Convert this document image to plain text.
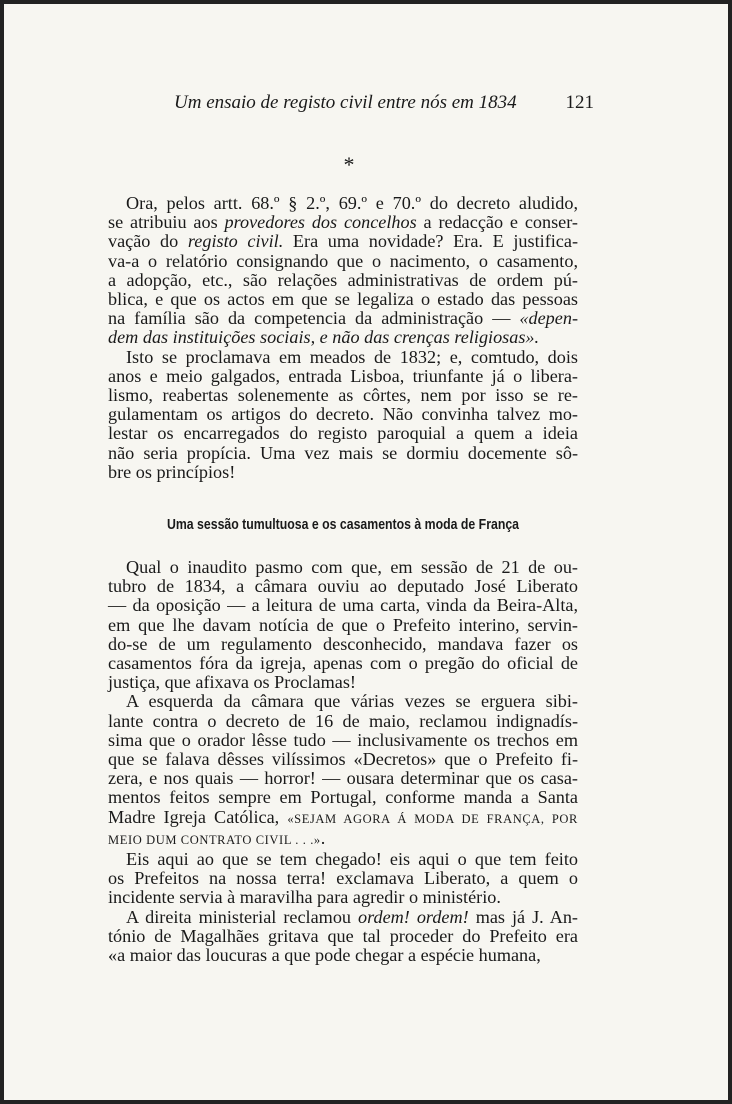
Um ensaio de registo civil entre nós em 1834	121
*
Ora, pelos artt. 68.º § 2.º, 69.º e 70.º do decreto aludido,
se atribuiu aos provedores dos concelhos a redacção e conser-
vação do registo civil. Era uma novidade? Era. E justifica-
va-a o relatório consignando que o nacimento, o casamento,
a adopção, etc., são relações administrativas de ordem pú-
blica, e que os actos em que se legaliza o estado das pessoas
na família são da competencia da administração — «depen-
dem das instituições sociais, e não das crenças religiosas».
Isto se proclamava em meados de 1832; e, comtudo, dois
anos e meio galgados, entrada Lisboa, triunfante já o libera-
lismo, reabertas solenemente as côrtes, nem por isso se re-
gulamentam os artigos do decreto. Não convinha talvez mo-
lestar os encarregados do registo paroquial a quem a ideia
não seria propícia. Uma vez mais se dormiu docemente sô-
bre os princípios!
Uma sessão tumultuosa e os casamentos à moda de França
Qual o inaudito pasmo com que, em sessão de 21 de ou-
tubro de 1834, a câmara ouviu ao deputado José Liberato
— da oposição — a leitura de uma carta, vinda da Beira-Alta,
em que lhe davam notícia de que o Prefeito interino, servin-
do-se de um regulamento desconhecido, mandava fazer os
casamentos fóra da igreja, apenas com o pregão do oficial de
justiça, que afixava os Proclamas!
A esquerda da câmara que várias vezes se erguera sibi-
lante contra o decreto de 16 de maio, reclamou indignadís-
sima que o orador lêsse tudo — inclusivamente os trechos em
que se falava dêsses vilíssimos «Decretos» que o Prefeito fi-
zera, e nos quais — horror! — ousara determinar que os casa-
mentos feitos sempre em Portugal, conforme manda a Santa
Madre Igreja Católica, «SEJAM AGORA Á MODA DE FRANÇA, POR
MEIO DUM CONTRATO CIVIL . . .».
Eis aqui ao que se tem chegado! eis aqui o que tem feito
os Prefeitos na nossa terra! exclamava Liberato, a quem o
incidente servia à maravilha para agredir o ministério.
A direita ministerial reclamou ordem! ordem! mas já J. An-
tónio de Magalhães gritava que tal proceder do Prefeito era
«a maior das loucuras a que pode chegar a espécie humana,
